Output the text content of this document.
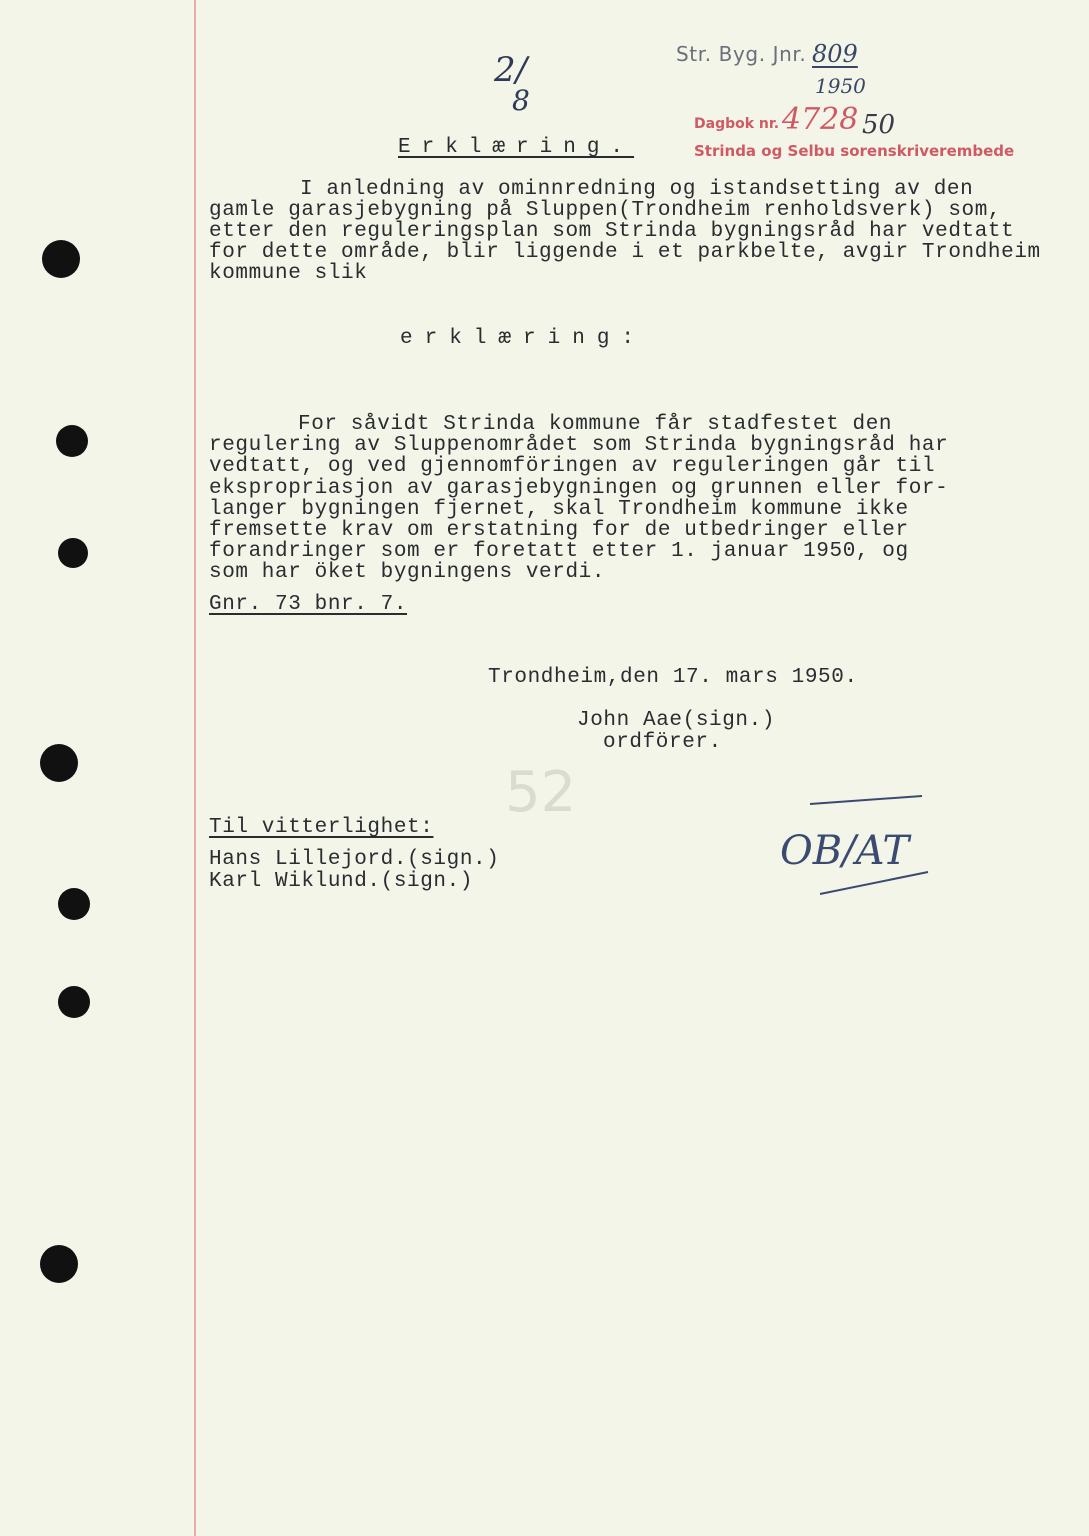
52
Str. Byg. Jnr. 809
1950
2/
8
Dagbok nr. 4728 50
Strinda og Selbu sorenskriverembede
Erklæring.
I anledning av ominnredning og istandsetting av den
gamle garasjebygning på Sluppen(Trondheim renholdsverk) som,
etter den reguleringsplan som Strinda bygningsråd har vedtatt
for dette område, blir liggende i et parkbelte, avgir Trondheim
kommune slik
erklæring:
For såvidt Strinda kommune får stadfestet den
regulering av Sluppenområdet som Strinda bygningsråd har
vedtatt, og ved gjennomföringen av reguleringen går til
ekspropriasjon av garasjebygningen og grunnen eller for-
langer bygningen fjernet, skal Trondheim kommune ikke
fremsette krav om erstatning for de utbedringer eller
forandringer som er foretatt etter 1. januar 1950, og
som har öket bygningens verdi.
Gnr. 73 bnr. 7.
Trondheim,den 17. mars 1950.
John Aae(sign.)
ordförer.
Til vitterlighet:
Hans Lillejord.(sign.)
Karl Wiklund.(sign.)
OB/AT
